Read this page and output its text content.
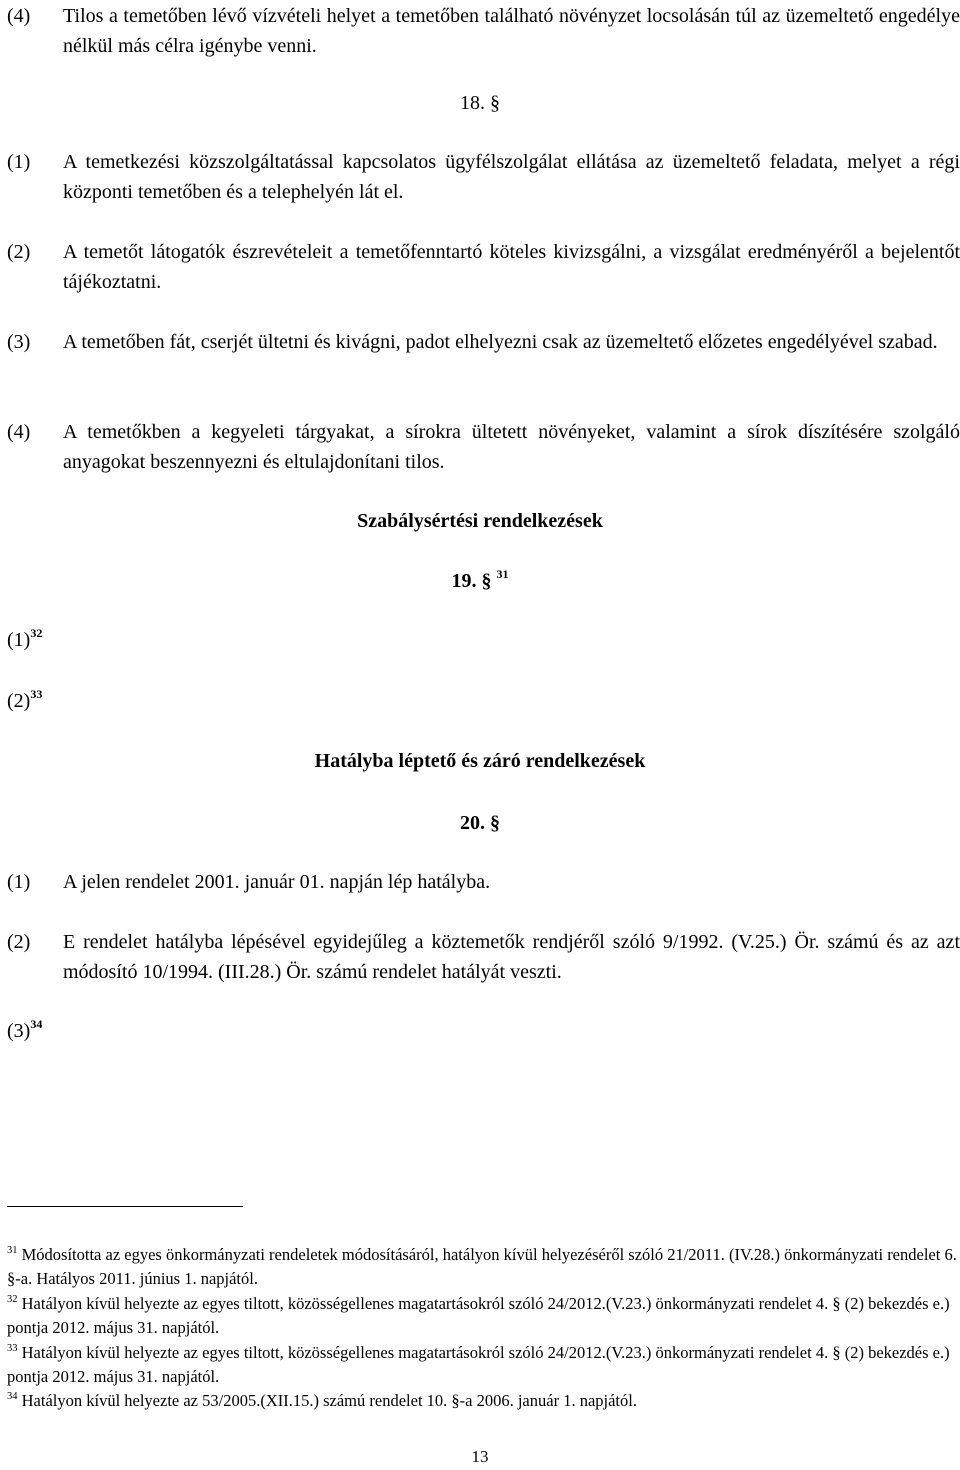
(4) Tilos a temetőben lévő vízvételi helyet a temetőben található növényzet locsolásán túl az üzemeltető engedélye nélkül más célra igénybe venni.
18. §
(1) A temetkezési közszolgáltatással kapcsolatos ügyfélszolgálat ellátása az üzemeltető feladata, melyet a régi központi temetőben és a telephelyén lát el.
(2) A temetőt látogatók észrevételeit a temetőfenntartó köteles kivizsgálni, a vizsgálat eredményéről a bejelentőt tájékoztatni.
(3) A temetőben fát, cserjét ültetni és kivágni, padot elhelyezni csak az üzemeltető előzetes engedélyével szabad.
(4) A temetőkben a kegyeleti tárgyakat, a sírokra ültetett növényeket, valamint a sírok díszítésére szolgáló anyagokat beszennyezni és eltulajdonítani tilos.
Szabálysértési rendelkezések
19. § $^{31}$
$(1)^{32}$
$(2)^{33}$
Hatályba léptető és záró rendelkezések
20. §
(1) A jelen rendelet 2001. január 01. napján lép hatályba.
(2) E rendelet hatályba lépésével egyidejűleg a köztemetők rendjéről szóló 9/1992. (V.25.) Ör. számú és az azt módosító 10/1994. (III.28.) Ör. számú rendelet hatályát veszti.
$(3)^{34}$

$^{31}$ Módosította az egyes önkormányzati rendeletek módosításáról, hatályon kívül helyezéséről szóló 21/2011. (IV.28.) önkormányzati rendelet 6. §-a. Hatályos 2011. június 1. napjától.

$^{32}$ Hatályon kívül helyezte az egyes tiltott, közösségellenes magatartásokról szóló 24/2012.(V.23.) önkormányzati rendelet 4. § (2) bekezdés e.) pontja 2012. május 31. napjától.

$^{33}$ Hatályon kívül helyezte az egyes tiltott, közösségellenes magatartásokról szóló 24/2012.(V.23.) önkormányzati rendelet 4. § (2) bekezdés e.) pontja 2012. május 31. napjától.

$^{34}$ Hatályon kívül helyezte az 53/2005.(XII.15.) számú rendelet 10. §-a 2006. január 1. napjától.

13
